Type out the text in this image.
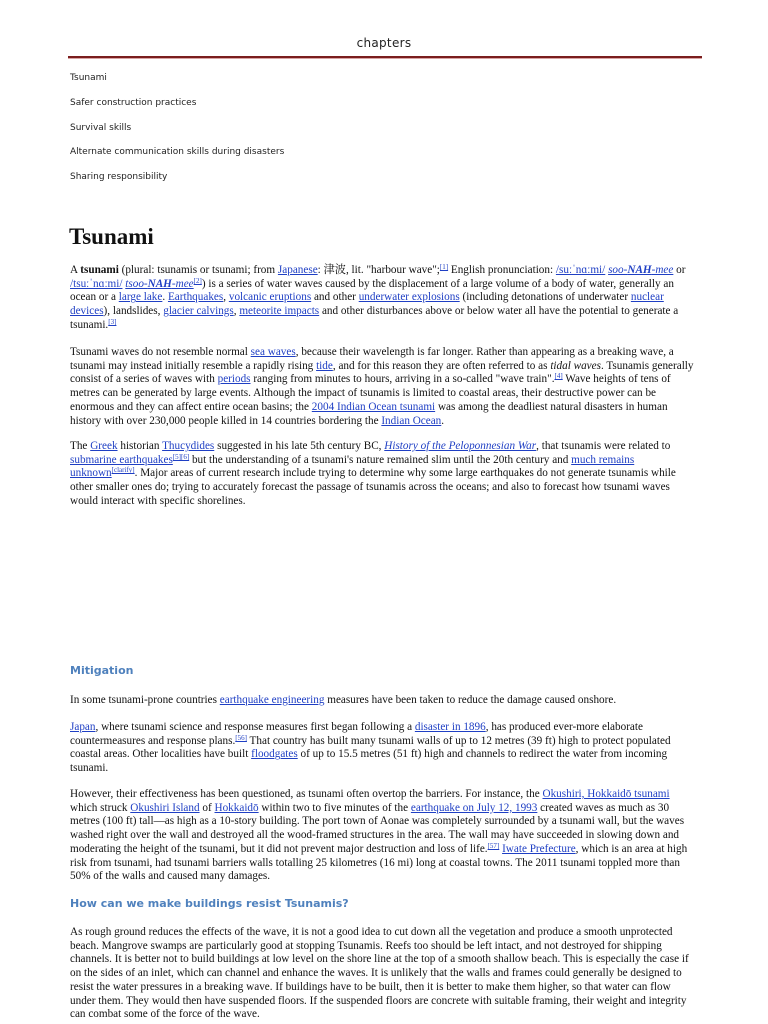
chapters
Tsunami
Safer construction practices
Survival skills
Alternate communication skills during disasters
Sharing responsibility
Tsunami
A tsunami (plural: tsunamis or tsunami; from Japanese: 津波, lit. "harbour wave";[1] English pronunciation: /suːˈnɑːmi/ soo-NAH-mee or /tsuːˈnɑːmi/ tsoo-NAH-mee[2]) is a series of water waves caused by the displacement of a large volume of a body of water, generally an ocean or a large lake. Earthquakes, volcanic eruptions and other underwater explosions (including detonations of underwater nuclear devices), landslides, glacier calvings, meteorite impacts and other disturbances above or below water all have the potential to generate a tsunami.[3]
Tsunami waves do not resemble normal sea waves, because their wavelength is far longer. Rather than appearing as a breaking wave, a tsunami may instead initially resemble a rapidly rising tide, and for this reason they are often referred to as tidal waves. Tsunamis generally consist of a series of waves with periods ranging from minutes to hours, arriving in a so-called "wave train".[4] Wave heights of tens of metres can be generated by large events. Although the impact of tsunamis is limited to coastal areas, their destructive power can be enormous and they can affect entire ocean basins; the 2004 Indian Ocean tsunami was among the deadliest natural disasters in human history with over 230,000 people killed in 14 countries bordering the Indian Ocean.
The Greek historian Thucydides suggested in his late 5th century BC, History of the Peloponnesian War, that tsunamis were related to submarine earthquakes[5][6] but the understanding of a tsunami's nature remained slim until the 20th century and much remains unknown[clarify]. Major areas of current research include trying to determine why some large earthquakes do not generate tsunamis while other smaller ones do; trying to accurately forecast the passage of tsunamis across the oceans; and also to forecast how tsunami waves would interact with specific shorelines.
Mitigation
In some tsunami-prone countries earthquake engineering measures have been taken to reduce the damage caused onshore.
Japan, where tsunami science and response measures first began following a disaster in 1896, has produced ever-more elaborate countermeasures and response plans.[56] That country has built many tsunami walls of up to 12 metres (39 ft) high to protect populated coastal areas. Other localities have built floodgates of up to 15.5 metres (51 ft) high and channels to redirect the water from incoming tsunami.
However, their effectiveness has been questioned, as tsunami often overtop the barriers. For instance, the Okushiri, Hokkaidō tsunami which struck Okushiri Island of Hokkaidō within two to five minutes of the earthquake on July 12, 1993 created waves as much as 30 metres (100 ft) tall—as high as a 10-story building. The port town of Aonae was completely surrounded by a tsunami wall, but the waves washed right over the wall and destroyed all the wood-framed structures in the area. The wall may have succeeded in slowing down and moderating the height of the tsunami, but it did not prevent major destruction and loss of life.[57] Iwate Prefecture, which is an area at high risk from tsunami, had tsunami barriers walls totalling 25 kilometres (16 mi) long at coastal towns. The 2011 tsunami toppled more than 50% of the walls and caused many damages.
How can we make buildings resist Tsunamis?
As rough ground reduces the effects of the wave, it is not a good idea to cut down all the vegetation and produce a smooth unprotected beach. Mangrove swamps are particularly good at stopping Tsunamis. Reefs too should be left intact, and not destroyed for shipping channels. It is better not to build buildings at low level on the shore line at the top of a smooth shallow beach. This is especially the case if on the sides of an inlet, which can channel and enhance the waves. It is unlikely that the walls and frames could generally be designed to resist the water pressures in a breaking wave. If buildings have to be built, then it is better to make them higher, so that water can flow under them. They would then have suspended floors. If the suspended floors are concrete with suitable framing, their weight and integrity can combat some of the force of the wave.
